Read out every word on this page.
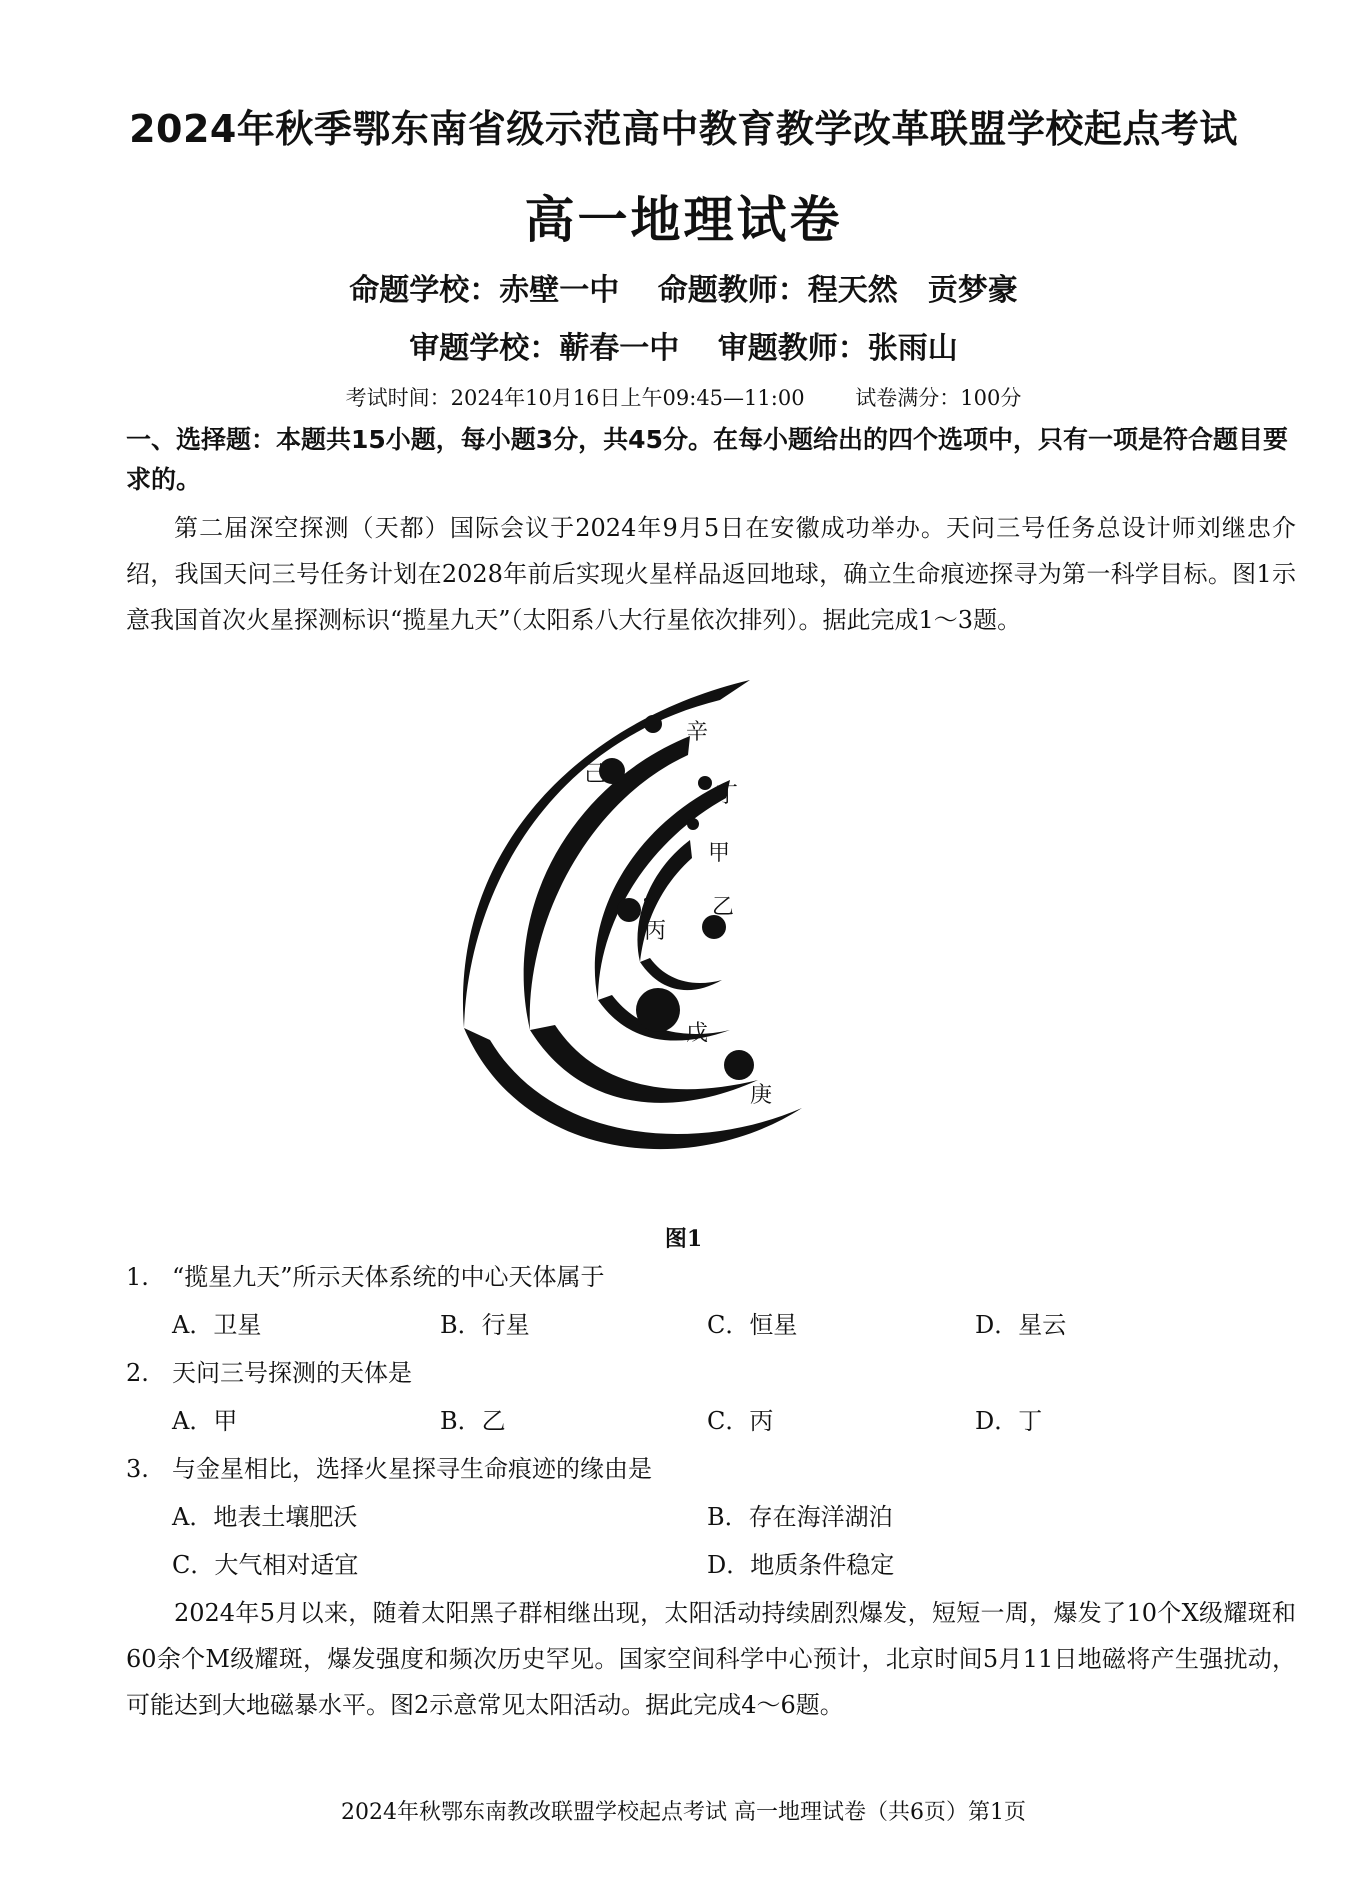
2024年秋季鄂东南省级示范高中教育教学改革联盟学校起点考试
高一地理试卷
命题学校：赤壁一中 命题教师：程天然　贡梦豪
审题学校：蕲春一中 审题教师：张雨山
考试时间：2024年10月16日上午09:45—11:00 试卷满分：100分
一、选择题：本题共15小题，每小题3分，共45分。在每小题给出的四个选项中，只有一项是符合题目要求的。
第二届深空探测（天都）国际会议于2024年9月5日在安徽成功举办。天问三号任务总设计师刘继忠介绍，我国天问三号任务计划在2028年前后实现火星样品返回地球，确立生命痕迹探寻为第一科学目标。图1示意我国首次火星探测标识“揽星九天”（太阳系八大行星依次排列）。据此完成1～3题。
辛
己
丁
甲
乙
丙
戊
庚
图1
1. “揽星九天”所示天体系统的中心天体属于
A．卫星	B．行星	C．恒星	D．星云
2. 天问三号探测的天体是
A．甲	B．乙	C．丙	D．丁
3. 与金星相比，选择火星探寻生命痕迹的缘由是
A．地表土壤肥沃	B．存在海洋湖泊
C．大气相对适宜	D．地质条件稳定
2024年5月以来，随着太阳黑子群相继出现，太阳活动持续剧烈爆发，短短一周，爆发了10个X级耀斑和60余个M级耀斑，爆发强度和频次历史罕见。国家空间科学中心预计，北京时间5月11日地磁将产生强扰动，可能达到大地磁暴水平。图2示意常见太阳活动。据此完成4～6题。
2024年秋鄂东南教改联盟学校起点考试 高一地理试卷（共6页）第1页
